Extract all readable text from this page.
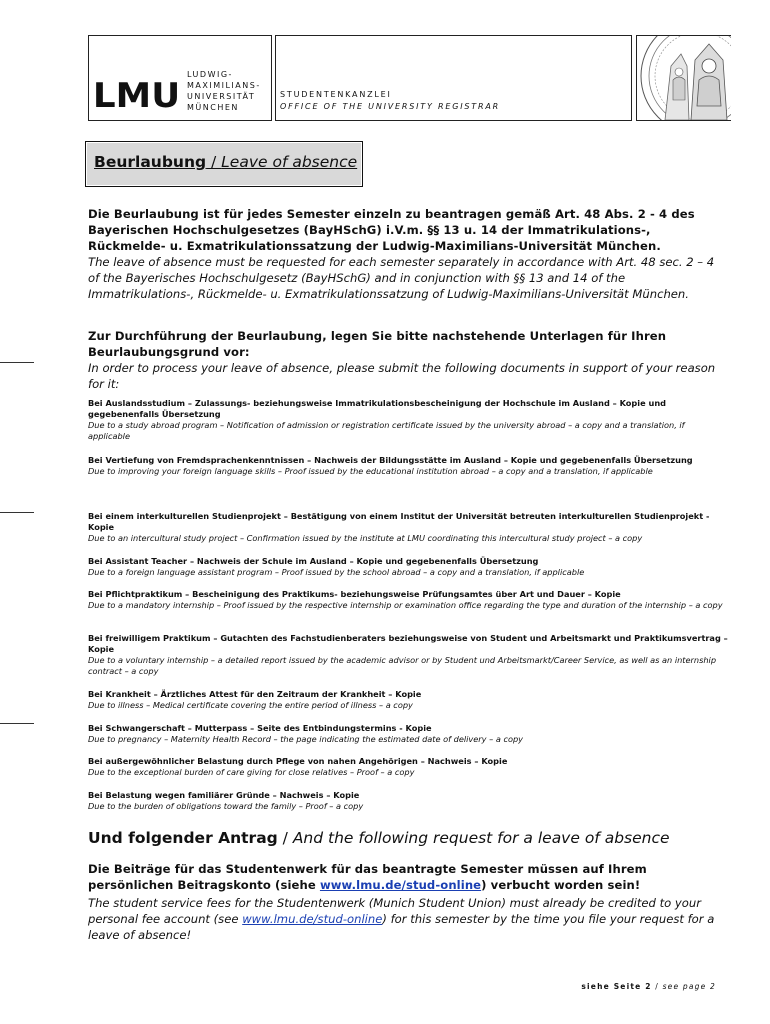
LMU
LUDWIG-
MAXIMILIANS-
UNIVERSITÄT
MÜNCHEN
STUDENTENKANZLEI
OFFICE OF THE UNIVERSITY REGISTRAR
Beurlaubung / Leave of absence
Die Beurlaubung ist für jedes Semester einzeln zu beantragen gemäß Art. 48 Abs. 2 - 4 des Bayerischen Hochschulgesetzes (BayHSchG) i.V.m. §§ 13 u. 14 der Immatrikulations-, Rückmelde- u. Exmatrikulationssatzung der Ludwig-Maximilians-Universität München.
The leave of absence must be requested for each semester separately in accordance with Art. 48 sec. 2 – 4 of the Bayerisches Hochschulgesetz (BayHSchG) and in conjunction with §§ 13 and 14 of the Immatrikulations-, Rückmelde- u. Exmatrikulationssatzung of Ludwig-Maximilians-Universität München.
Zur Durchführung der Beurlaubung, legen Sie bitte nachstehende Unterlagen für Ihren Beurlaubungsgrund vor:
In order to process your leave of absence, please submit the following documents in support of your reason for it:
Bei Auslandsstudium – Zulassungs- beziehungsweise Immatrikulationsbescheinigung der Hochschule im Ausland – Kopie und gegebenenfalls Übersetzung
Due to a study abroad program – Notification of admission or registration certificate issued by the university abroad – a copy and a translation, if applicable
Bei Vertiefung von Fremdsprachenkenntnissen – Nachweis der Bildungsstätte im Ausland – Kopie und gegebenenfalls Übersetzung
Due to improving your foreign language skills – Proof issued by the educational institution abroad – a copy and a translation, if applicable
Bei einem interkulturellen Studienprojekt – Bestätigung von einem Institut der Universität betreuten interkulturellen Studienprojekt - Kopie
Due to an intercultural study project – Confirmation issued by the institute at LMU coordinating this intercultural study project – a copy
Bei Assistant Teacher – Nachweis der Schule im Ausland – Kopie und gegebenenfalls Übersetzung
Due to a foreign language assistant program – Proof issued by the school abroad – a copy and a translation, if applicable
Bei Pflichtpraktikum – Bescheinigung des Praktikums- beziehungsweise Prüfungsamtes über Art und Dauer – Kopie
Due to a mandatory internship – Proof issued by the respective internship or examination office regarding the type and duration of the internship – a copy
Bei freiwilligem Praktikum – Gutachten des Fachstudienberaters beziehungsweise von Student und Arbeitsmarkt und Praktikumsvertrag – Kopie
Due to a voluntary internship – a detailed report issued by the academic advisor or by Student und Arbeitsmarkt/Career Service, as well as an internship contract – a copy
Bei Krankheit – Ärztliches Attest für den Zeitraum der Krankheit – Kopie
Due to illness – Medical certificate covering the entire period of illness – a copy
Bei Schwangerschaft – Mutterpass – Seite des Entbindungstermins - Kopie
Due to pregnancy – Maternity Health Record – the page indicating the estimated date of delivery – a copy
Bei außergewöhnlicher Belastung durch Pflege von nahen Angehörigen – Nachweis – Kopie
Due to the exceptional burden of care giving for close relatives – Proof – a copy
Bei Belastung wegen familiärer Gründe – Nachweis – Kopie
Due to the burden of obligations toward the family – Proof – a copy
Und folgender Antrag / And the following request for a leave of absence
Die Beiträge für das Studentenwerk für das beantragte Semester müssen auf Ihrem persönlichen Beitragskonto (siehe www.lmu.de/stud-online) verbucht worden sein!
The student service fees for the Studentenwerk (Munich Student Union) must already be credited to your personal fee account (see www.lmu.de/stud-online) for this semester by the time you file your request for a leave of absence!
siehe Seite 2 / see page 2
